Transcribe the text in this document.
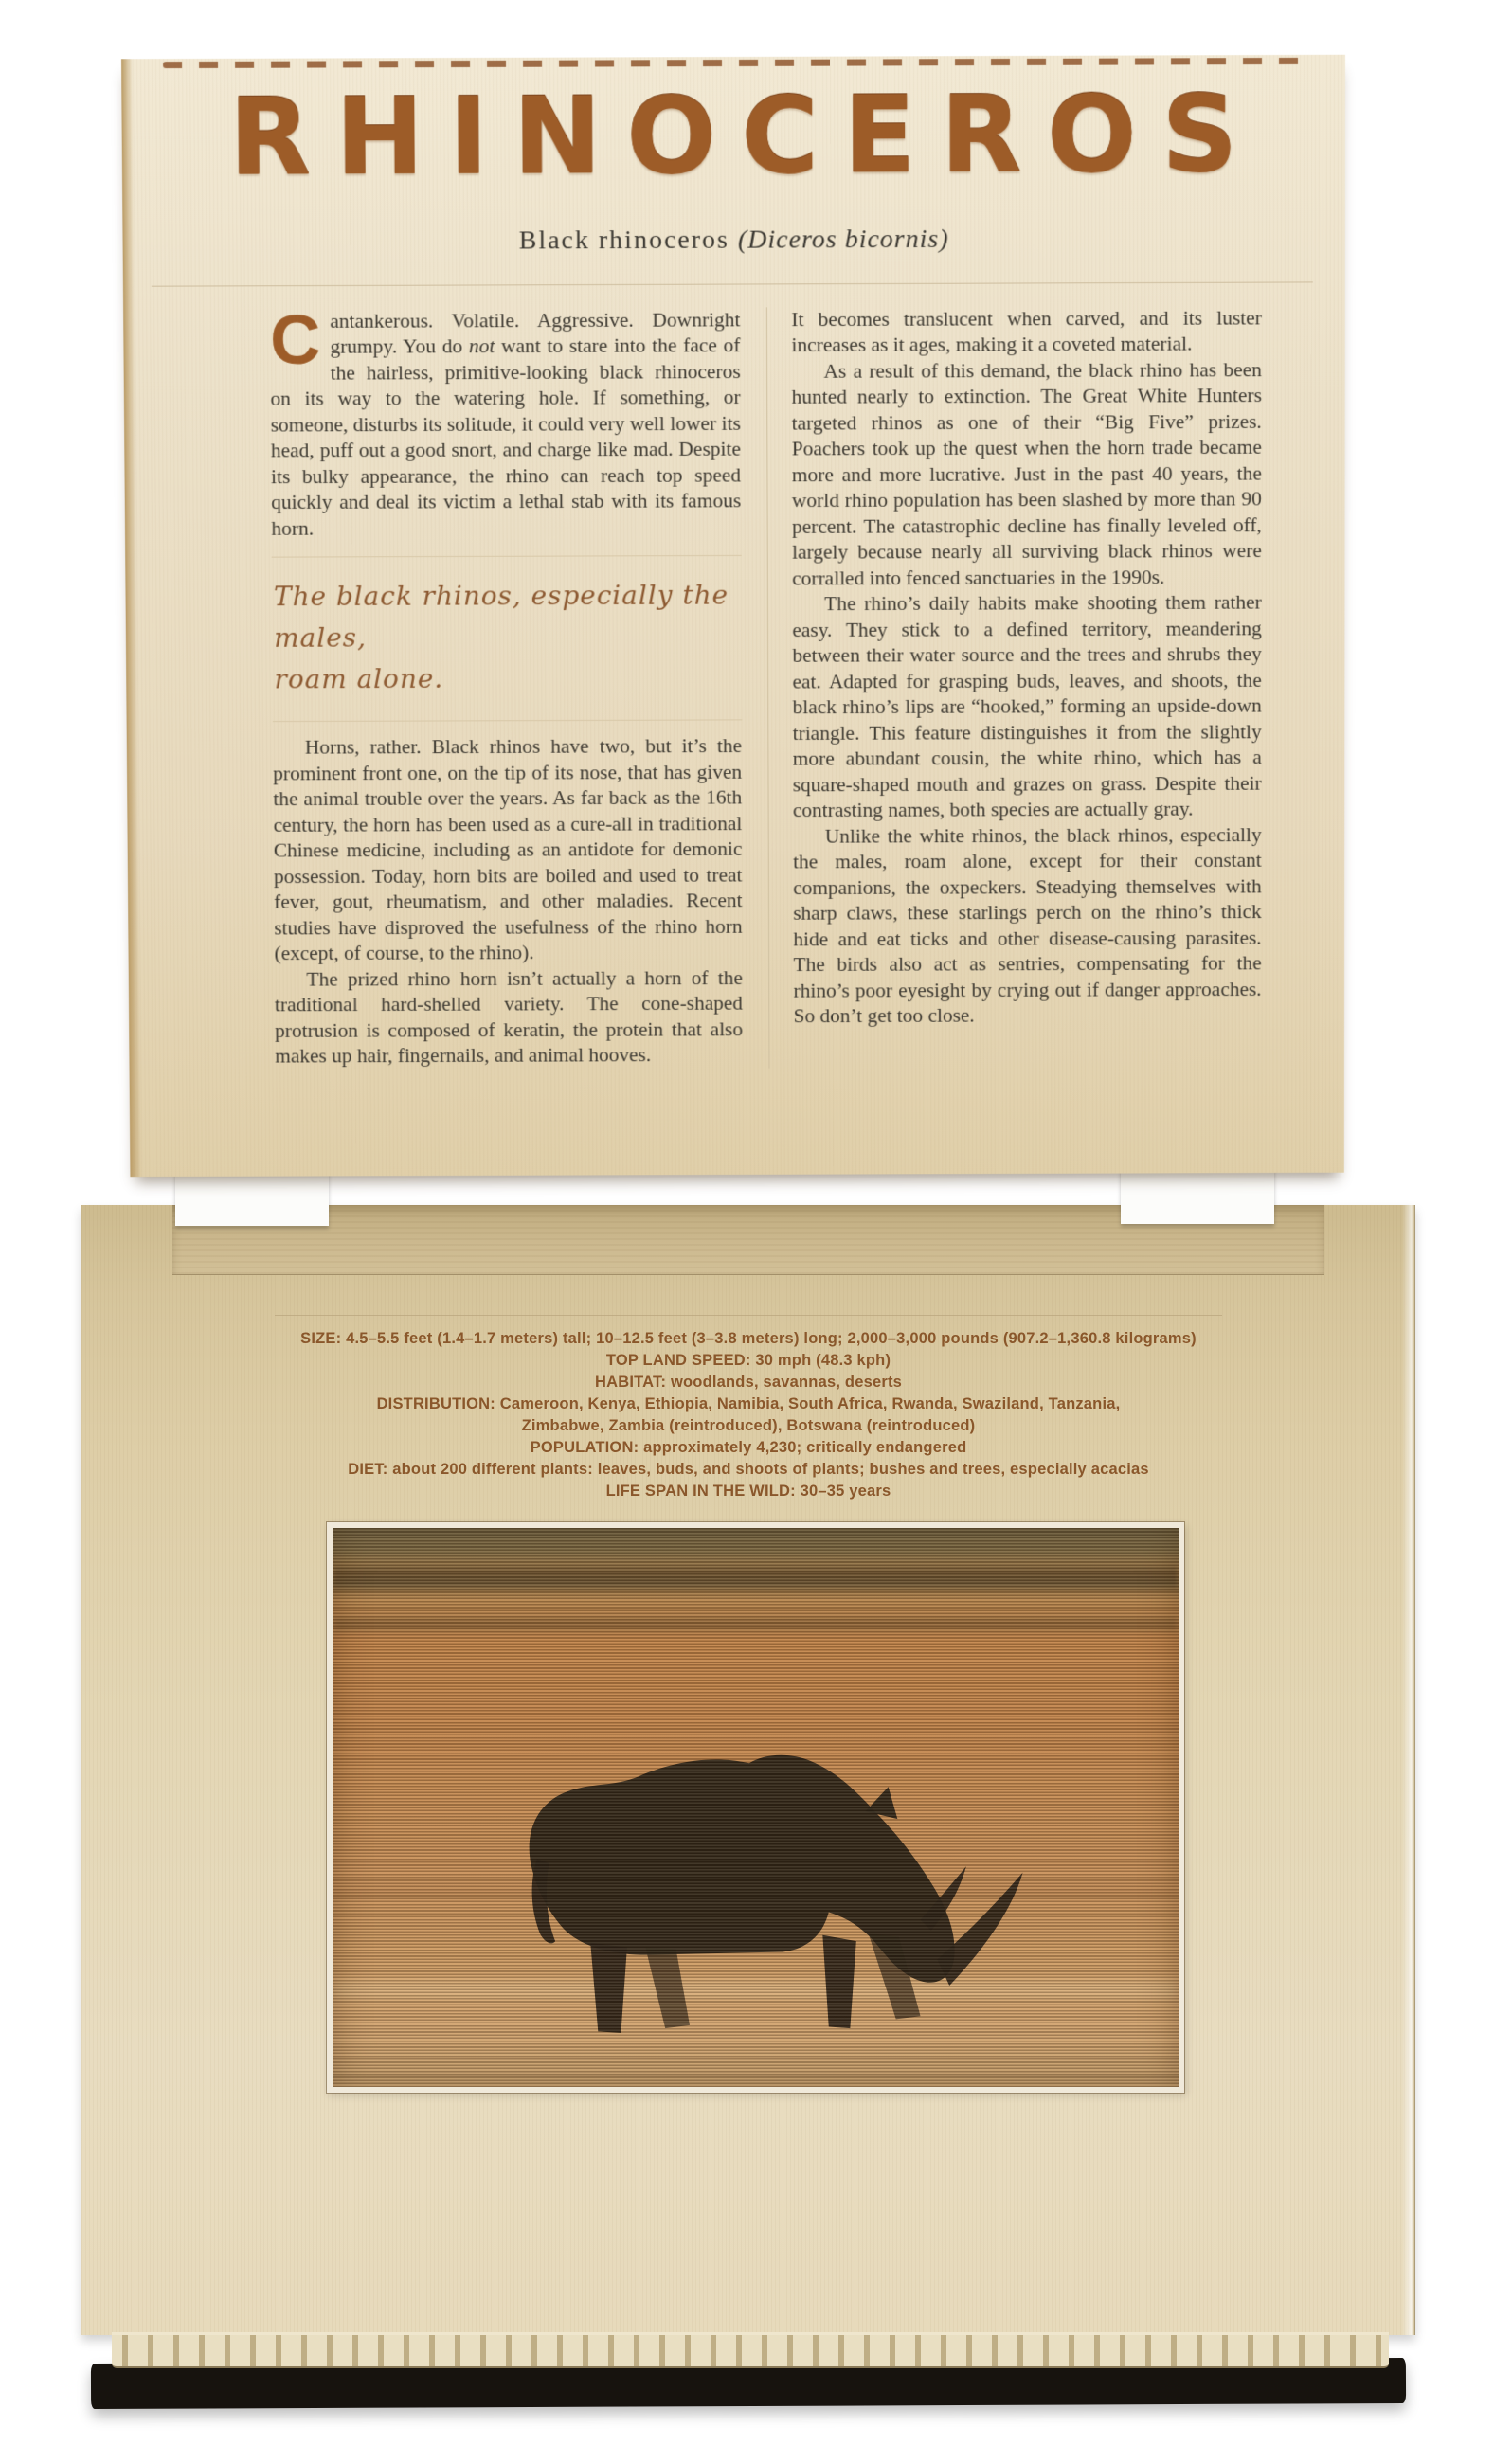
SIZE: 4.5–5.5 feet (1.4–1.7 meters) tall; 10–12.5 feet (3–3.8 meters) long; 2,000–3,000 pounds (907.2–1,360.8 kilograms)
TOP LAND SPEED: 30 mph (48.3 kph)
HABITAT: woodlands, savannas, deserts
DISTRIBUTION: Cameroon, Kenya, Ethiopia, Namibia, South Africa, Rwanda, Swaziland, Tanzania,
Zimbabwe, Zambia (reintroduced), Botswana (reintroduced)
POPULATION: approximately 4,230; critically endangered
DIET: about 200 different plants: leaves, buds, and shoots of plants; bushes and trees, especially acacias
LIFE SPAN IN THE WILD: 30–35 years
RHINOCEROS
Black rhinoceros (Diceros bicornis)

Cantankerous. Volatile. Aggressive. Downright grumpy. You do not want to stare into the face of the hairless, primitive-looking black rhinoceros on its way to the watering hole. If something, or someone, disturbs its solitude, it could very well lower its head, puff out a good snort, and charge like mad. Despite its bulky appearance, the rhino can reach top speed quickly and deal its victim a lethal stab with its famous horn.

The black rhinos, especially the males,
roam alone.

Horns, rather. Black rhinos have two, but it’s the prominent front one, on the tip of its nose, that has given the animal trouble over the years. As far back as the 16th century, the horn has been used as a cure-all in traditional Chinese medicine, including as an antidote for demonic possession. Today, horn bits are boiled and used to treat fever, gout, rheumatism, and other maladies. Recent studies have disproved the usefulness of the rhino horn (except, of course, to the rhino).

The prized rhino horn isn’t actually a horn of the traditional hard-shelled variety. The cone-shaped protrusion is composed of keratin, the protein that also makes up hair, fingernails, and animal hooves.

It becomes translucent when carved, and its luster increases as it ages, making it a coveted material.

As a result of this demand, the black rhino has been hunted nearly to extinction. The Great White Hunters targeted rhinos as one of their “Big Five” prizes. Poachers took up the quest when the horn trade became more and more lucrative. Just in the past 40 years, the world rhino population has been slashed by more than 90 percent. The catastrophic decline has finally leveled off, largely because nearly all surviving black rhinos were corralled into fenced sanctuaries in the 1990s.

The rhino’s daily habits make shooting them rather easy. They stick to a defined territory, meandering between their water source and the trees and shrubs they eat. Adapted for grasping buds, leaves, and shoots, the black rhino’s lips are “hooked,” forming an upside-down triangle. This feature distinguishes it from the slightly more abundant cousin, the white rhino, which has a square-shaped mouth and grazes on grass. Despite their contrasting names, both species are actually gray.

Unlike the white rhinos, the black rhinos, especially the males, roam alone, except for their constant companions, the oxpeckers. Steadying themselves with sharp claws, these starlings perch on the rhino’s thick hide and eat ticks and other disease-causing parasites. The birds also act as sentries, compensating for the rhino’s poor eyesight by crying out if danger approaches. So don’t get too close.
